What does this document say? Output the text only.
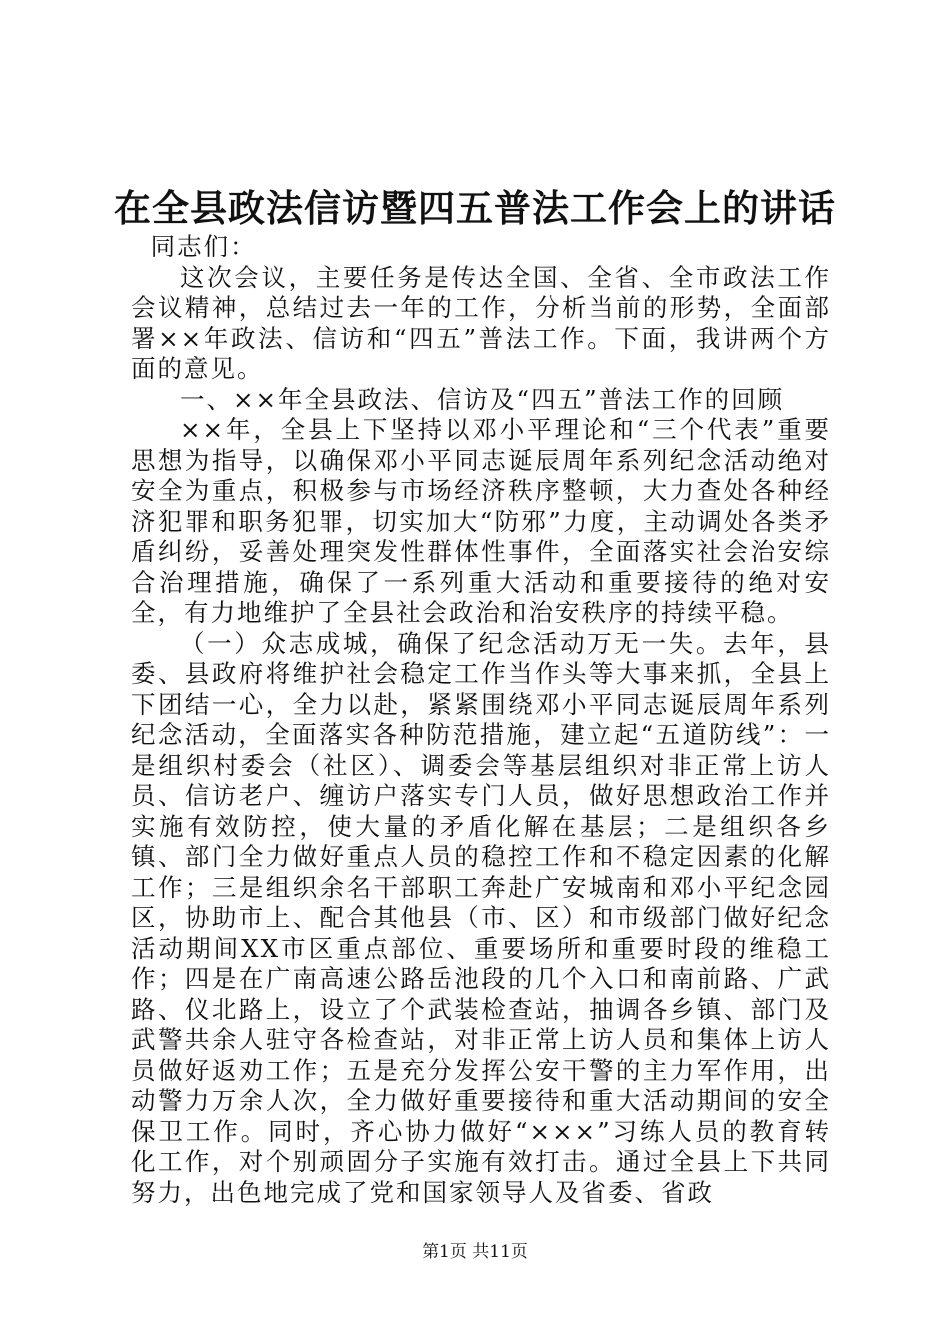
在全县政法信访暨四五普法工作会上的讲话

同志们：

这次会议，主要任务是传达全国、全省、全市政法工作会议精神，总结过去一年的工作，分析当前的形势，全面部署××年政法、信访和“四五”普法工作。下面，我讲两个方面的意见。

一、××年全县政法、信访及“四五”普法工作的回顾

××年，全县上下坚持以邓小平理论和“三个代表”重要思想为指导，以确保邓小平同志诞辰周年系列纪念活动绝对安全为重点，积极参与市场经济秩序整顿，大力查处各种经济犯罪和职务犯罪，切实加大“防邪”力度，主动调处各类矛盾纠纷，妥善处理突发性群体性事件，全面落实社会治安综合治理措施，确保了一系列重大活动和重要接待的绝对安全，有力地维护了全县社会政治和治安秩序的持续平稳。

（一）众志成城，确保了纪念活动万无一失。去年，县委、县政府将维护社会稳定工作当作头等大事来抓，全县上下团结一心，全力以赴，紧紧围绕邓小平同志诞辰周年系列纪念活动，全面落实各种防范措施，建立起“五道防线”：一是组织村委会（社区）、调委会等基层组织对非正常上访人员、信访老户、缠访户落实专门人员，做好思想政治工作并实施有效防控，使大量的矛盾化解在基层；二是组织各乡镇、部门全力做好重点人员的稳控工作和不稳定因素的化解工作；三是组织余名干部职工奔赴广安城南和邓小平纪念园区，协助市上、配合其他县（市、区）和市级部门做好纪念活动期间XX市区重点部位、重要场所和重要时段的维稳工作；四是在广南高速公路岳池段的几个入口和南前路、广武路、仪北路上，设立了个武装检查站，抽调各乡镇、部门及武警共余人驻守各检查站，对非正常上访人员和集体上访人员做好返劝工作；五是充分发挥公安干警的主力军作用，出动警力万余人次，全力做好重要接待和重大活动期间的安全保卫工作。同时，齐心协力做好“×××”习练人员的教育转化工作，对个别顽固分子实施有效打击。通过全县上下共同努力，出色地完成了党和国家领导人及省委、省政

第1页 共11页
